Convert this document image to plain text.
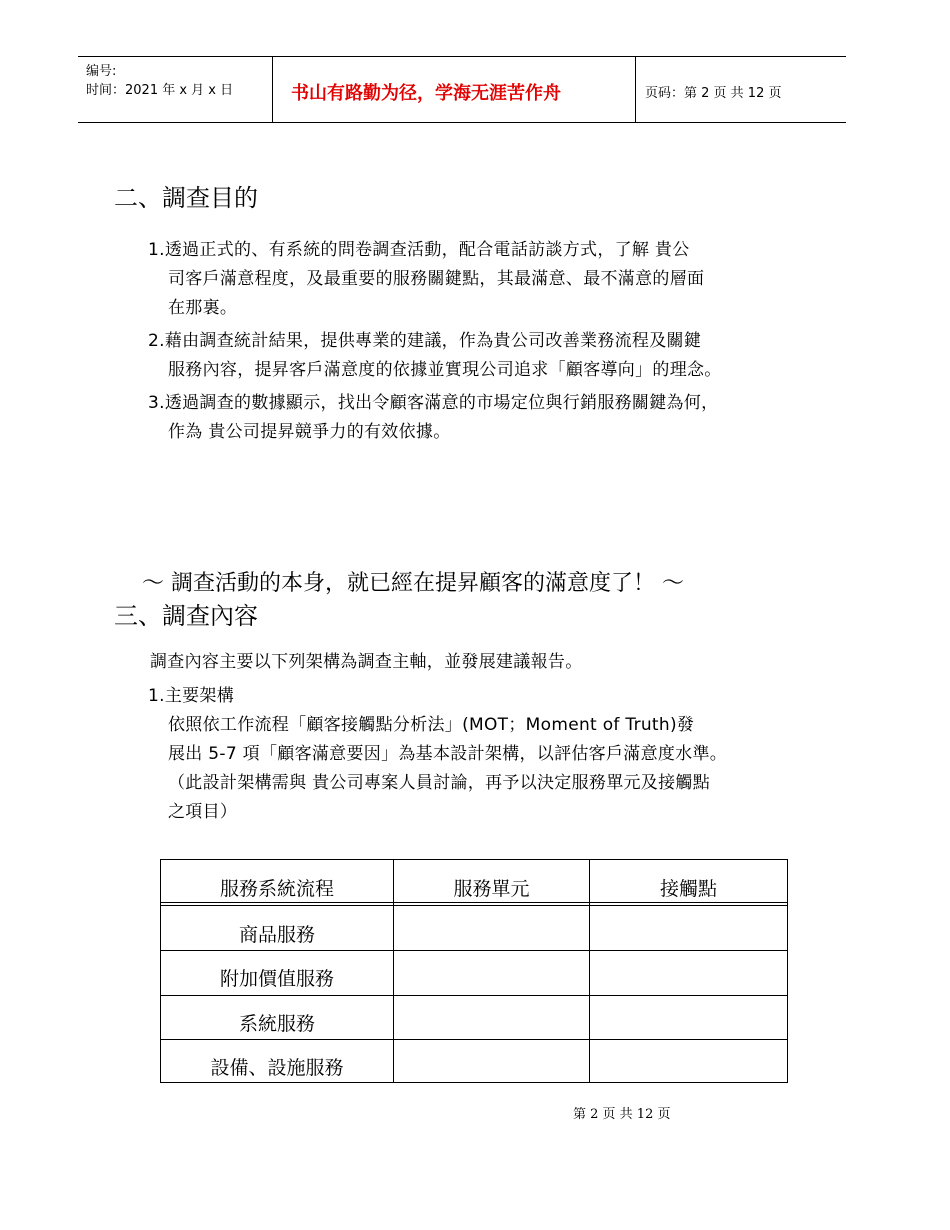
编号:
时间：2021 年 x 月 x 日	书山有路勤为径，学海无涯苦作舟	页码：第 2 页 共 12 页
二、調查目的
1.透過正式的、有系統的問卷調查活動，配合電話訪談方式，了解 貴公
司客戶滿意程度，及最重要的服務關鍵點，其最滿意、最不滿意的層面
在那裏。
2.藉由調查統計結果，提供專業的建議，作為貴公司改善業務流程及關鍵
服務內容，提昇客戶滿意度的依據並實現公司追求「顧客導向」的理念。
3.透過調查的數據顯示，找出令顧客滿意的市場定位與行銷服務關鍵為何，
作為 貴公司提昇競爭力的有效依據。
～ 調查活動的本身，就已經在提昇顧客的滿意度了！ ～
三、調查內容
調查內容主要以下列架構為調查主軸，並發展建議報告。
1.主要架構
依照依工作流程「顧客接觸點分析法」(MOT；Moment of Truth)發
展出 5-7 項「顧客滿意要因」為基本設計架構，以評估客戶滿意度水準。
（此設計架構需與 貴公司專案人員討論，再予以決定服務單元及接觸點
之項目）
服務系統流程	服務單元	接觸點
商品服務
附加價值服務
系統服務
設備、設施服務
第 2 页 共 12 页
